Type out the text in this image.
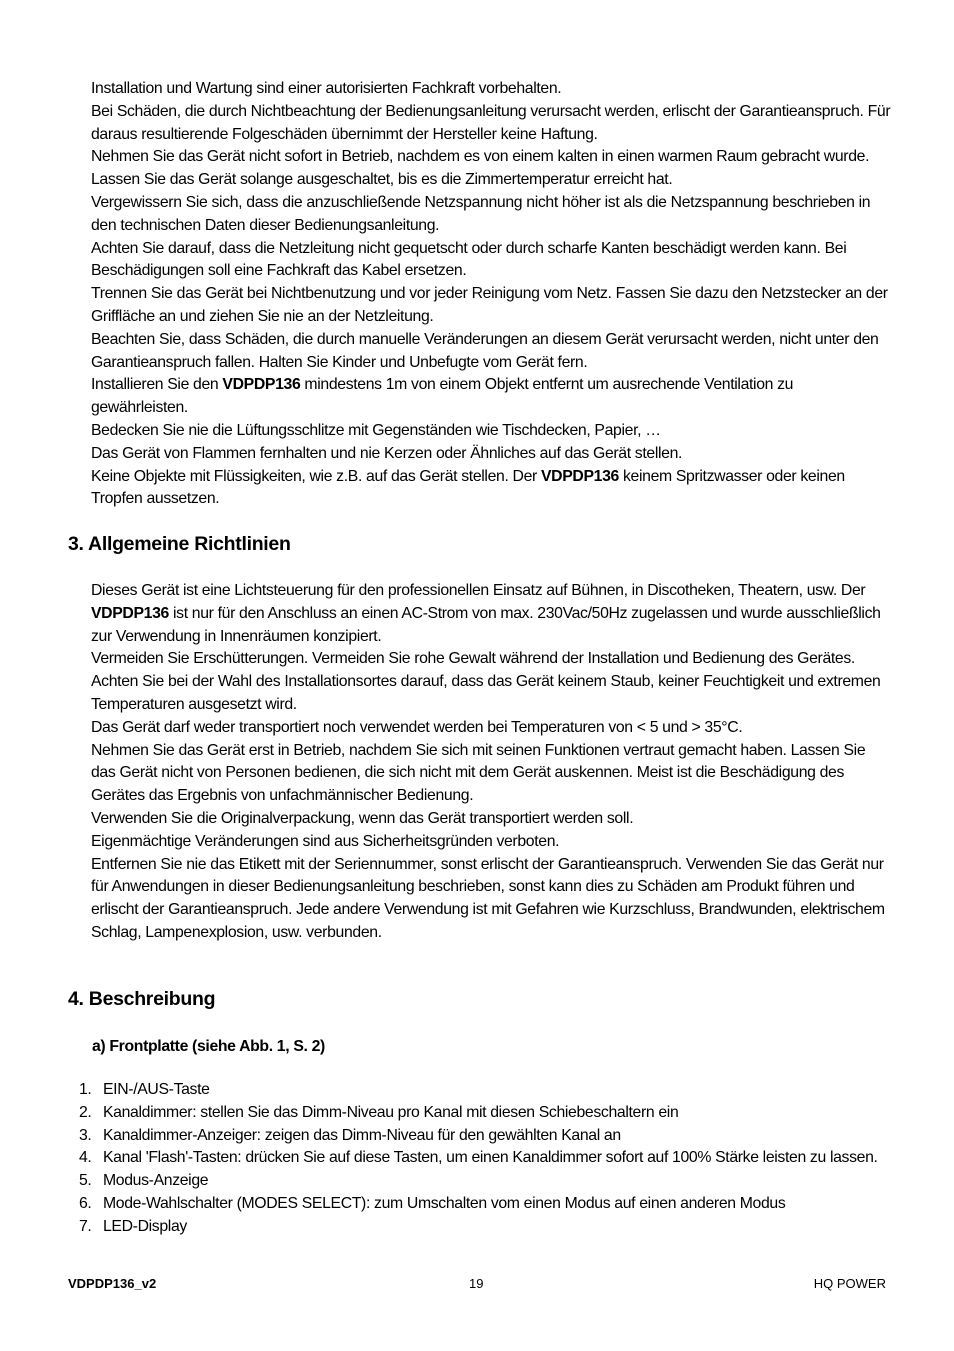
Installation und Wartung sind einer autorisierten Fachkraft vorbehalten.

Bei Schäden, die durch Nichtbeachtung der Bedienungsanleitung verursacht werden, erlischt der Garantieanspruch. Für daraus resultierende Folgeschäden übernimmt der Hersteller keine Haftung.

Nehmen Sie das Gerät nicht sofort in Betrieb, nachdem es von einem kalten in einen warmen Raum gebracht wurde. Lassen Sie das Gerät solange ausgeschaltet, bis es die Zimmertemperatur erreicht hat.

Vergewissern Sie sich, dass die anzuschließende Netzspannung nicht höher ist als die Netzspannung beschrieben in den technischen Daten dieser Bedienungsanleitung.

Achten Sie darauf, dass die Netzleitung nicht gequetscht oder durch scharfe Kanten beschädigt werden kann. Bei Beschädigungen soll eine Fachkraft das Kabel ersetzen.

Trennen Sie das Gerät bei Nichtbenutzung und vor jeder Reinigung vom Netz. Fassen Sie dazu den Netzstecker an der Griffläche an und ziehen Sie nie an der Netzleitung.

Beachten Sie, dass Schäden, die durch manuelle Veränderungen an diesem Gerät verursacht werden, nicht unter den Garantieanspruch fallen. Halten Sie Kinder und Unbefugte vom Gerät fern.

Installieren Sie den VDPDP136 mindestens 1m von einem Objekt entfernt um ausrechende Ventilation zu gewährleisten.

Bedecken Sie nie die Lüftungsschlitze mit Gegenständen wie Tischdecken, Papier, …

Das Gerät von Flammen fernhalten und nie Kerzen oder Ähnliches auf das Gerät stellen.

Keine Objekte mit Flüssigkeiten, wie z.B. auf das Gerät stellen. Der VDPDP136 keinem Spritzwasser oder keinen Tropfen aussetzen.

3. Allgemeine Richtlinien

Dieses Gerät ist eine Lichtsteuerung für den professionellen Einsatz auf Bühnen, in Discotheken, Theatern, usw. Der VDPDP136 ist nur für den Anschluss an einen AC-Strom von max. 230Vac/50Hz zugelassen und wurde ausschließlich zur Verwendung in Innenräumen konzipiert.

Vermeiden Sie Erschütterungen. Vermeiden Sie rohe Gewalt während der Installation und Bedienung des Gerätes.

Achten Sie bei der Wahl des Installationsortes darauf, dass das Gerät keinem Staub, keiner Feuchtigkeit und extremen Temperaturen ausgesetzt wird.

Das Gerät darf weder transportiert noch verwendet werden bei Temperaturen von < 5 und > 35°C.

Nehmen Sie das Gerät erst in Betrieb, nachdem Sie sich mit seinen Funktionen vertraut gemacht haben. Lassen Sie das Gerät nicht von Personen bedienen, die sich nicht mit dem Gerät auskennen. Meist ist die Beschädigung des Gerätes das Ergebnis von unfachmännischer Bedienung.

Verwenden Sie die Originalverpackung, wenn das Gerät transportiert werden soll.

Eigenmächtige Veränderungen sind aus Sicherheitsgründen verboten.

Entfernen Sie nie das Etikett mit der Seriennummer, sonst erlischt der Garantieanspruch. Verwenden Sie das Gerät nur für Anwendungen in dieser Bedienungsanleitung beschrieben, sonst kann dies zu Schäden am Produkt führen und erlischt der Garantieanspruch. Jede andere Verwendung ist mit Gefahren wie Kurzschluss, Brandwunden, elektrischem Schlag, Lampenexplosion, usw. verbunden.

4. Beschreibung
a) Frontplatte (siehe Abb. 1, S. 2)
1. EIN-/AUS-Taste
2. Kanaldimmer: stellen Sie das Dimm-Niveau pro Kanal mit diesen Schiebeschaltern ein
3. Kanaldimmer-Anzeiger: zeigen das Dimm-Niveau für den gewählten Kanal an
4. Kanal 'Flash'-Tasten: drücken Sie auf diese Tasten, um einen Kanaldimmer sofort auf 100% Stärke leisten zu lassen.
5. Modus-Anzeige
6. Mode-Wahlschalter (MODES SELECT): zum Umschalten vom einen Modus auf einen anderen Modus
7. LED-Display
VDPDP136_v2	19	HQ POWER
